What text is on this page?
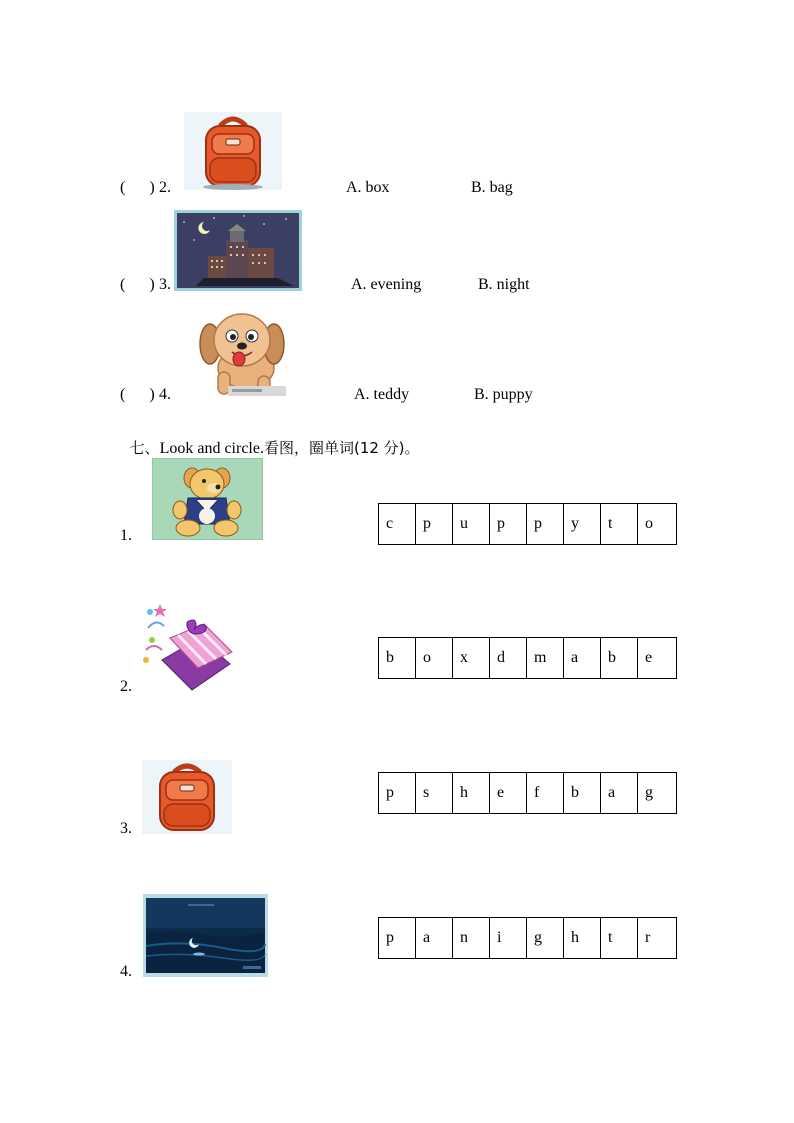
(      ) 2.	A. box	B. bag
(      ) 3.	A. evening	B. night
(      ) 4.	A. teddy	B. puppy

七、Look and circle.看图，圈单词(12 分)。

1.
c	p	u	p	p	y	t	o
2.
b	o	x	d	m	a	b	e
3.
p	s	h	e	f	b	a	g
4.
p	a	n	i	g	h	t	r
